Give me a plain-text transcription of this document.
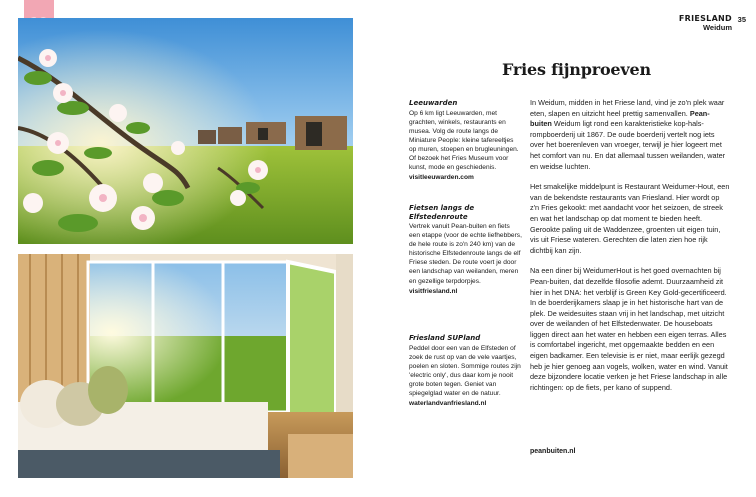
FRIESLAND
Weidum
35
Fries fijnproeven
Leeuwarden

Op 6 km ligt Leeuwarden, met grachten, winkels, restaurants en musea. Volg de route langs de Miniature People: kleine tafereeltjes op muren, stoepen en brugleuningen. Of bezoek het Fries Museum voor kunst, mode en geschiedenis.

visitleeuwarden.com
Fietsen langs de Elfstedenroute

Vertrek vanuit Pean-buiten en fiets een etappe (voor de echte liefhebbers, de hele route is zo'n 240 km) van de historische Elfstedenroute langs de elf Friese steden. De route voert je door een landschap van weilanden, meren en gezellige terpdorpjes.

visitfriesland.nl
Friesland SUPland

Peddel door een van de Elfsteden of zoek de rust op van de vele vaartjes, poelen en sloten. Sommige routes zijn 'electric only', dus daar kom je nooit grote boten tegen. Geniet van spiegelglad water en de natuur.

waterlandvanfriesland.nl

In Weidum, midden in het Friese land, vind je zo'n plek waar eten, slapen en uitzicht heel prettig samenvallen. Pean-buiten Weidum ligt rond een karakteristieke kop-hals-rompboerderij uit 1867. De oude boerderij vertelt nog iets over het boerenleven van vroeger, terwijl je hier logeert met het comfort van nu. En dat allemaal tussen weilanden, water en weidse luchten.

Het smakelijke middelpunt is Restaurant Weidumer-Hout, een van de bekendste restaurants van Friesland. Hier wordt op z'n Fries gekookt: met aandacht voor het seizoen, de streek en wat het landschap op dat moment te bieden heeft. Gerookte paling uit de Waddenzee, groenten uit eigen tuin, vis uit Friese wateren. Gerechten die laten zien hoe rijk dichtbij kan zijn.

Na een diner bij WeidumerHout is het goed overnachten bij Pean-buiten, dat dezelfde filosofie ademt. Duurzaamheid zit hier in het DNA: het verblijf is Green Key Gold-gecertificeerd. In de boerderijkamers slaap je in het historische hart van de plek. De weidesuites staan vrij in het landschap, met uitzicht over de weilanden of het Elfstedenwater. De houseboats liggen direct aan het water en hebben een eigen terras. Alles is comfortabel ingericht, met opgemaakte bedden en een eigen badkamer. Een televisie is er niet, maar eerlijk gezegd heb je hier genoeg aan vogels, wolken, water en wind. Vanuit deze bijzondere locatie verken je het Friese landschap in alle richtingen: op de fiets, per kano of suppend.

peanbuiten.nl
